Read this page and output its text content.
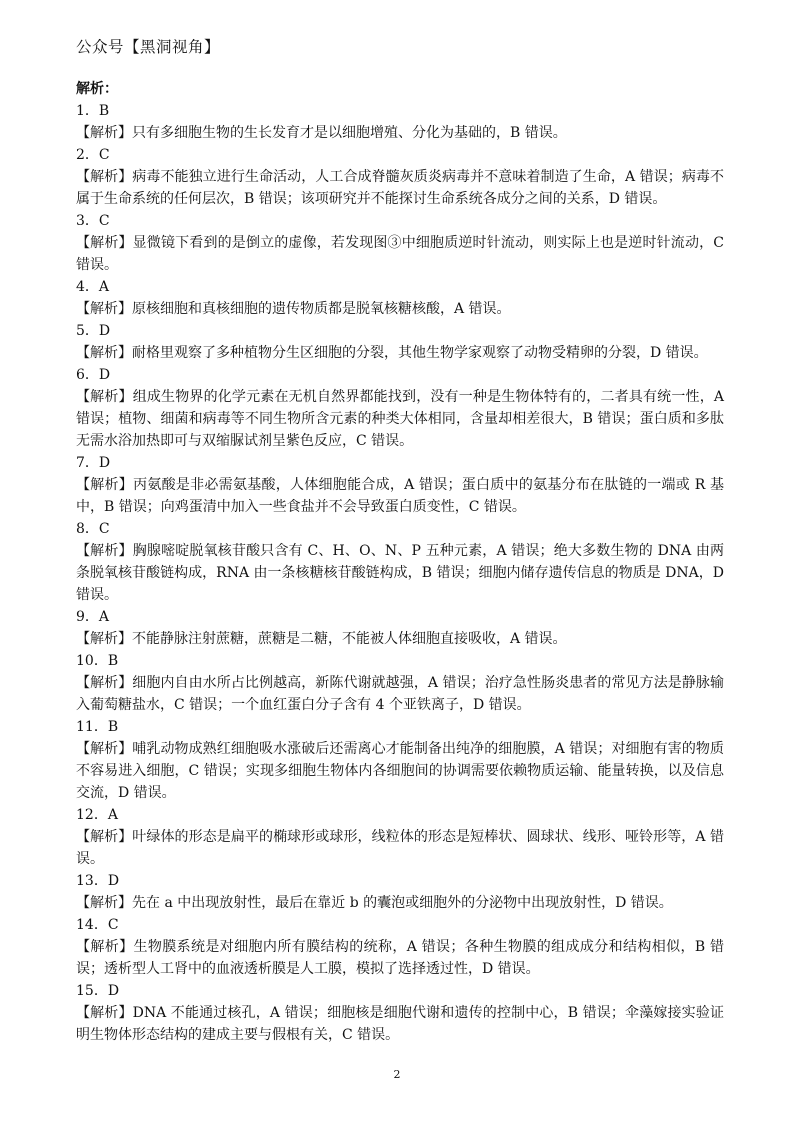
公众号【黑洞视角】
解析：
1．B
【解析】只有多细胞生物的生长发育才是以细胞增殖、分化为基础的，B 错误。
2．C
【解析】病毒不能独立进行生命活动，人工合成脊髓灰质炎病毒并不意味着制造了生命，A 错误；病毒不属于生命系统的任何层次，B 错误；该项研究并不能探讨生命系统各成分之间的关系，D 错误。
3．C
【解析】显微镜下看到的是倒立的虚像，若发现图③中细胞质逆时针流动，则实际上也是逆时针流动，C 错误。
4．A
【解析】原核细胞和真核细胞的遗传物质都是脱氧核糖核酸，A 错误。
5．D
【解析】耐格里观察了多种植物分生区细胞的分裂，其他生物学家观察了动物受精卵的分裂，D 错误。
6．D
【解析】组成生物界的化学元素在无机自然界都能找到，没有一种是生物体特有的，二者具有统一性，A 错误；植物、细菌和病毒等不同生物所含元素的种类大体相同，含量却相差很大，B 错误；蛋白质和多肽无需水浴加热即可与双缩脲试剂呈紫色反应，C 错误。
7．D
【解析】丙氨酸是非必需氨基酸，人体细胞能合成，A 错误；蛋白质中的氨基分布在肽链的一端或 R 基中，B 错误；向鸡蛋清中加入一些食盐并不会导致蛋白质变性，C 错误。
8．C
【解析】胸腺嘧啶脱氧核苷酸只含有 C、H、O、N、P 五种元素，A 错误；绝大多数生物的 DNA 由两条脱氧核苷酸链构成，RNA 由一条核糖核苷酸链构成，B 错误；细胞内储存遗传信息的物质是 DNA，D 错误。
9．A
【解析】不能静脉注射蔗糖，蔗糖是二糖，不能被人体细胞直接吸收，A 错误。
10．B
【解析】细胞内自由水所占比例越高，新陈代谢就越强，A 错误；治疗急性肠炎患者的常见方法是静脉输入葡萄糖盐水，C 错误；一个血红蛋白分子含有 4 个亚铁离子，D 错误。
11．B
【解析】哺乳动物成熟红细胞吸水涨破后还需离心才能制备出纯净的细胞膜，A 错误；对细胞有害的物质不容易进入细胞，C 错误；实现多细胞生物体内各细胞间的协调需要依赖物质运输、能量转换，以及信息交流，D 错误。
12．A
【解析】叶绿体的形态是扁平的椭球形或球形，线粒体的形态是短棒状、圆球状、线形、哑铃形等，A 错误。
13．D
【解析】先在 a 中出现放射性，最后在靠近 b 的囊泡或细胞外的分泌物中出现放射性，D 错误。
14．C
【解析】生物膜系统是对细胞内所有膜结构的统称，A 错误；各种生物膜的组成成分和结构相似，B 错误；透析型人工肾中的血液透析膜是人工膜，模拟了选择透过性，D 错误。
15．D
【解析】DNA 不能通过核孔，A 错误；细胞核是细胞代谢和遗传的控制中心，B 错误；伞藻嫁接实验证明生物体形态结构的建成主要与假根有关，C 错误。
2
